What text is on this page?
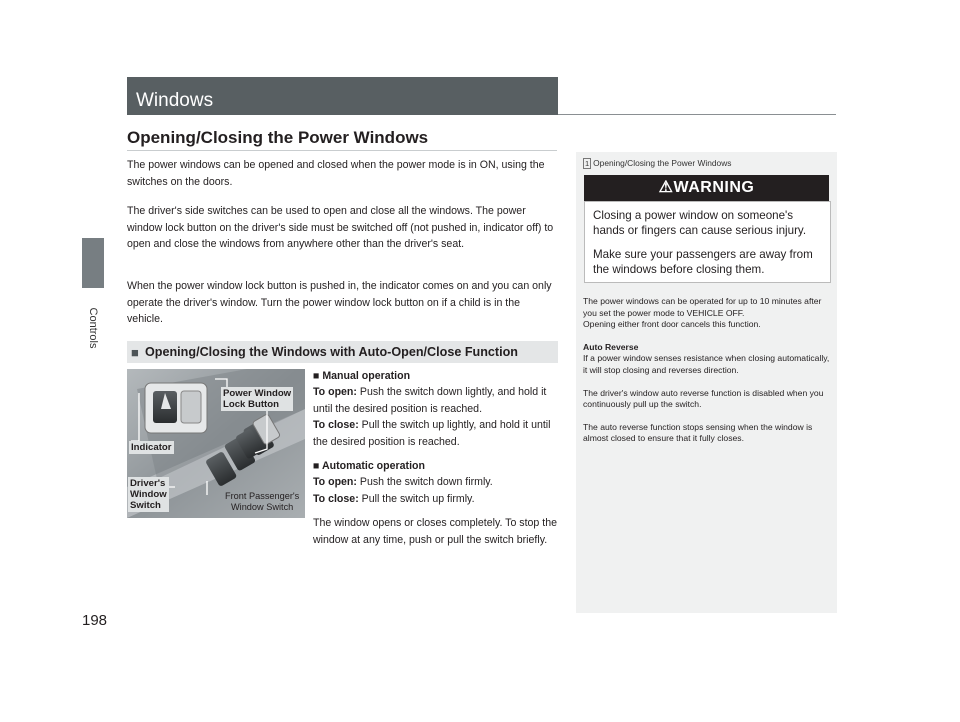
Controls
198
Windows
Opening/Closing the Power Windows
The power windows can be opened and closed when the power mode is in ON, using the switches on the doors.
The driver's side switches can be used to open and close all the windows. The power window lock button on the driver's side must be switched off (not pushed in, indicator off) to open and close the windows from anywhere other than the driver's seat.
When the power window lock button is pushed in, the indicator comes on and you can only operate the driver's window. Turn the power window lock button on if a child is in the vehicle.
■ Opening/Closing the Windows with Auto-Open/Close Function
Power Window
Lock Button
Indicator
Driver's
Window
Switch
Front Passenger's
Window Switch

■ Manual operation

To open: Push the switch down lightly, and hold it until the desired position is reached.

To close: Pull the switch up lightly, and hold it until the desired position is reached.

■ Automatic operation

To open: Push the switch down firmly.

To close: Pull the switch up firmly.

The window opens or closes completely. To stop the window at any time, push or pull the switch briefly.

1 Opening/Closing the Power Windows
⚠WARNING

Closing a power window on someone's hands or fingers can cause serious injury.

Make sure your passengers are away from the windows before closing them.

The power windows can be operated for up to 10 minutes after you set the power mode to VEHICLE OFF.

Opening either front door cancels this function.

Auto Reverse

If a power window senses resistance when closing automatically, it will stop closing and reverses direction.

The driver's window auto reverse function is disabled when you continuously pull up the switch.

The auto reverse function stops sensing when the window is almost closed to ensure that it fully closes.
